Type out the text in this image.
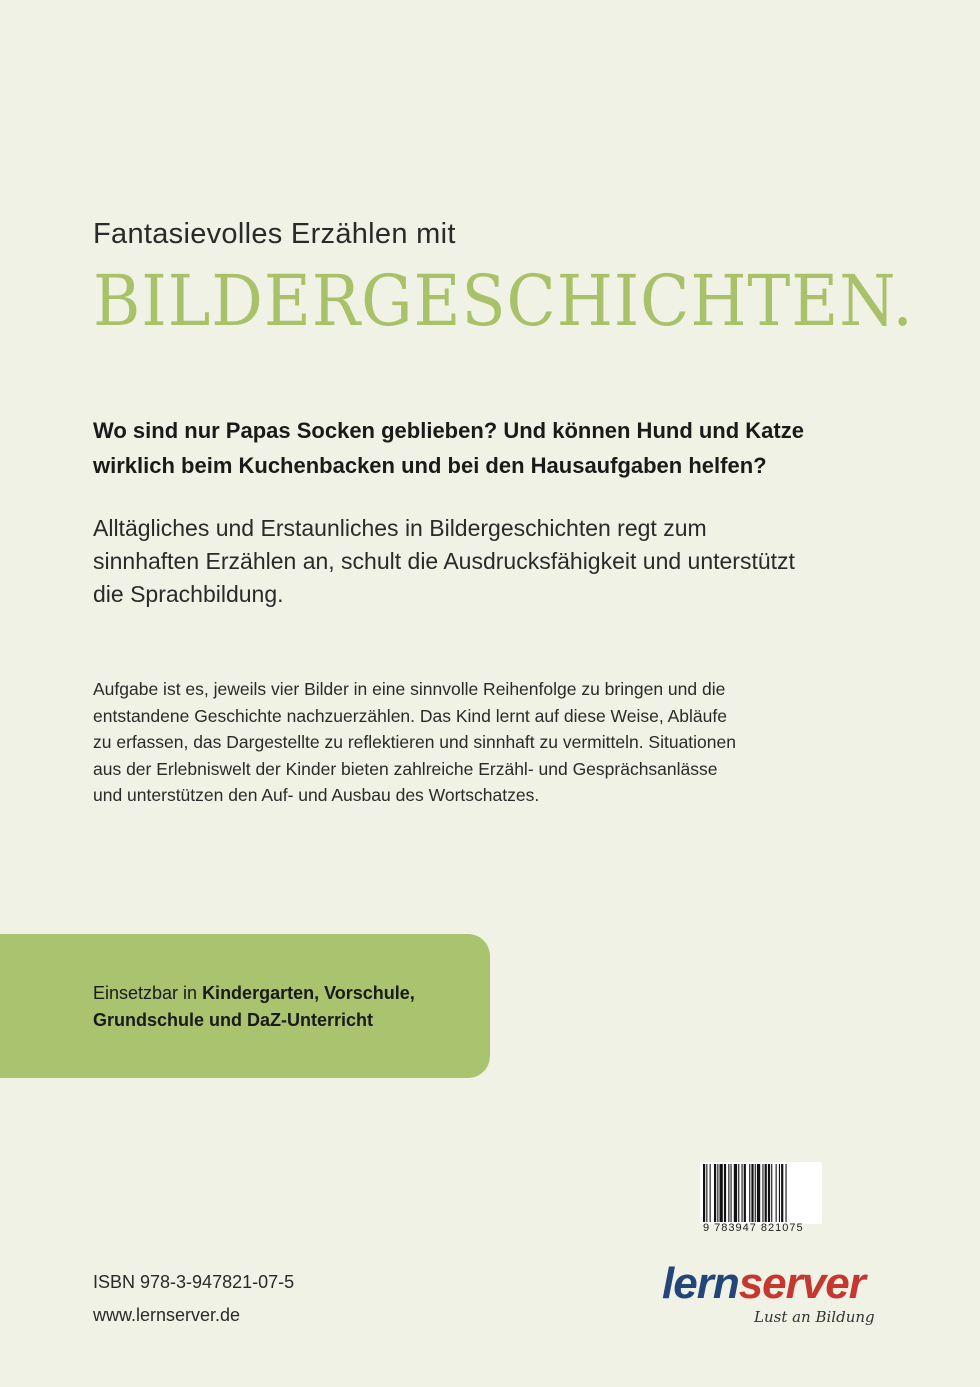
Fantasievolles Erzählen mit
BILDERGESCHICHTEN.
Wo sind nur Papas Socken geblieben? Und können Hund und Katze
wirklich beim Kuchenbacken und bei den Hausaufgaben helfen?
Alltägliches und Erstaunliches in Bildergeschichten regt zum
sinnhaften Erzählen an, schult die Ausdrucksfähigkeit und unterstützt
die Sprachbildung.
Aufgabe ist es, jeweils vier Bilder in eine sinnvolle Reihenfolge zu bringen und die
entstandene Geschichte nachzuerzählen. Das Kind lernt auf diese Weise, Abläufe
zu erfassen, das Dargestellte zu reflektieren und sinnhaft zu vermitteln. Situationen
aus der Erlebniswelt der Kinder bieten zahlreiche Erzähl- und Gesprächsanlässe
und unterstützen den Auf- und Ausbau des Wortschatzes.
Einsetzbar in Kindergarten, Vorschule,
Grundschule und DaZ-Unterricht
9 783947 821075
ISBN 978-3-947821-07-5
www.lernserver.de
lernserver
Lust an Bildung
